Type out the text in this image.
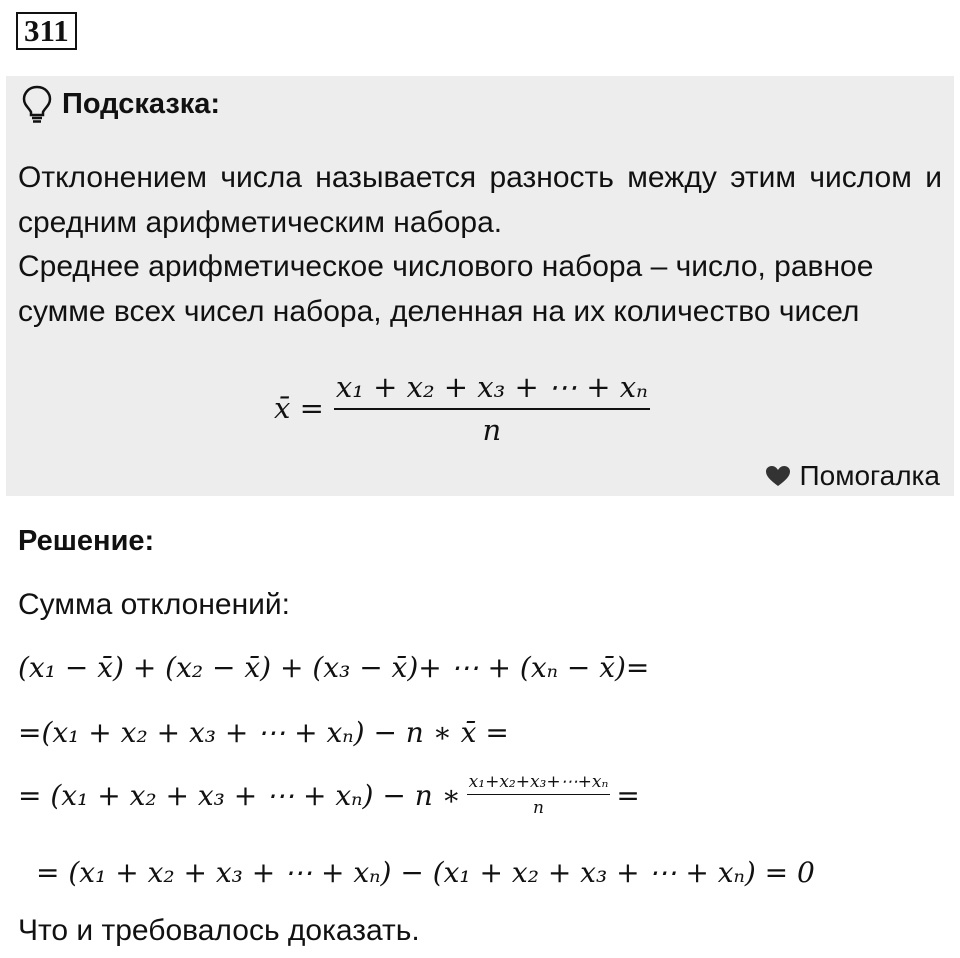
311
Подсказка:

Отклонением числа называется разность между этим числом и средним арифметическим набора.

Среднее арифметическое числового набора – число, равное сумме всех чисел набора, деленная на их количество чисел

x̄ = $\frac{\text{x₁ + x₂ + x₃ + ⋯ + xₙ}}{n}$
Помогалка
Решение:
Сумма отклонений:
(x₁ − x̄) + (x₂ − x̄) + (x₃ − x̄)+ ⋯ + (xₙ − x̄)=
=(x₁ + x₂ + x₃ + ⋯ + xₙ) − n ∗ x̄ =
= (x₁ + x₂ + x₃ + ⋯ + xₙ) − n ∗ $\frac{\text{x₁+x₂+x₃+⋯+xₙ}}{n}$ =
= (x₁ + x₂ + x₃ + ⋯ + xₙ) − (x₁ + x₂ + x₃ + ⋯ + xₙ) = 0
Что и требовалось доказать.
